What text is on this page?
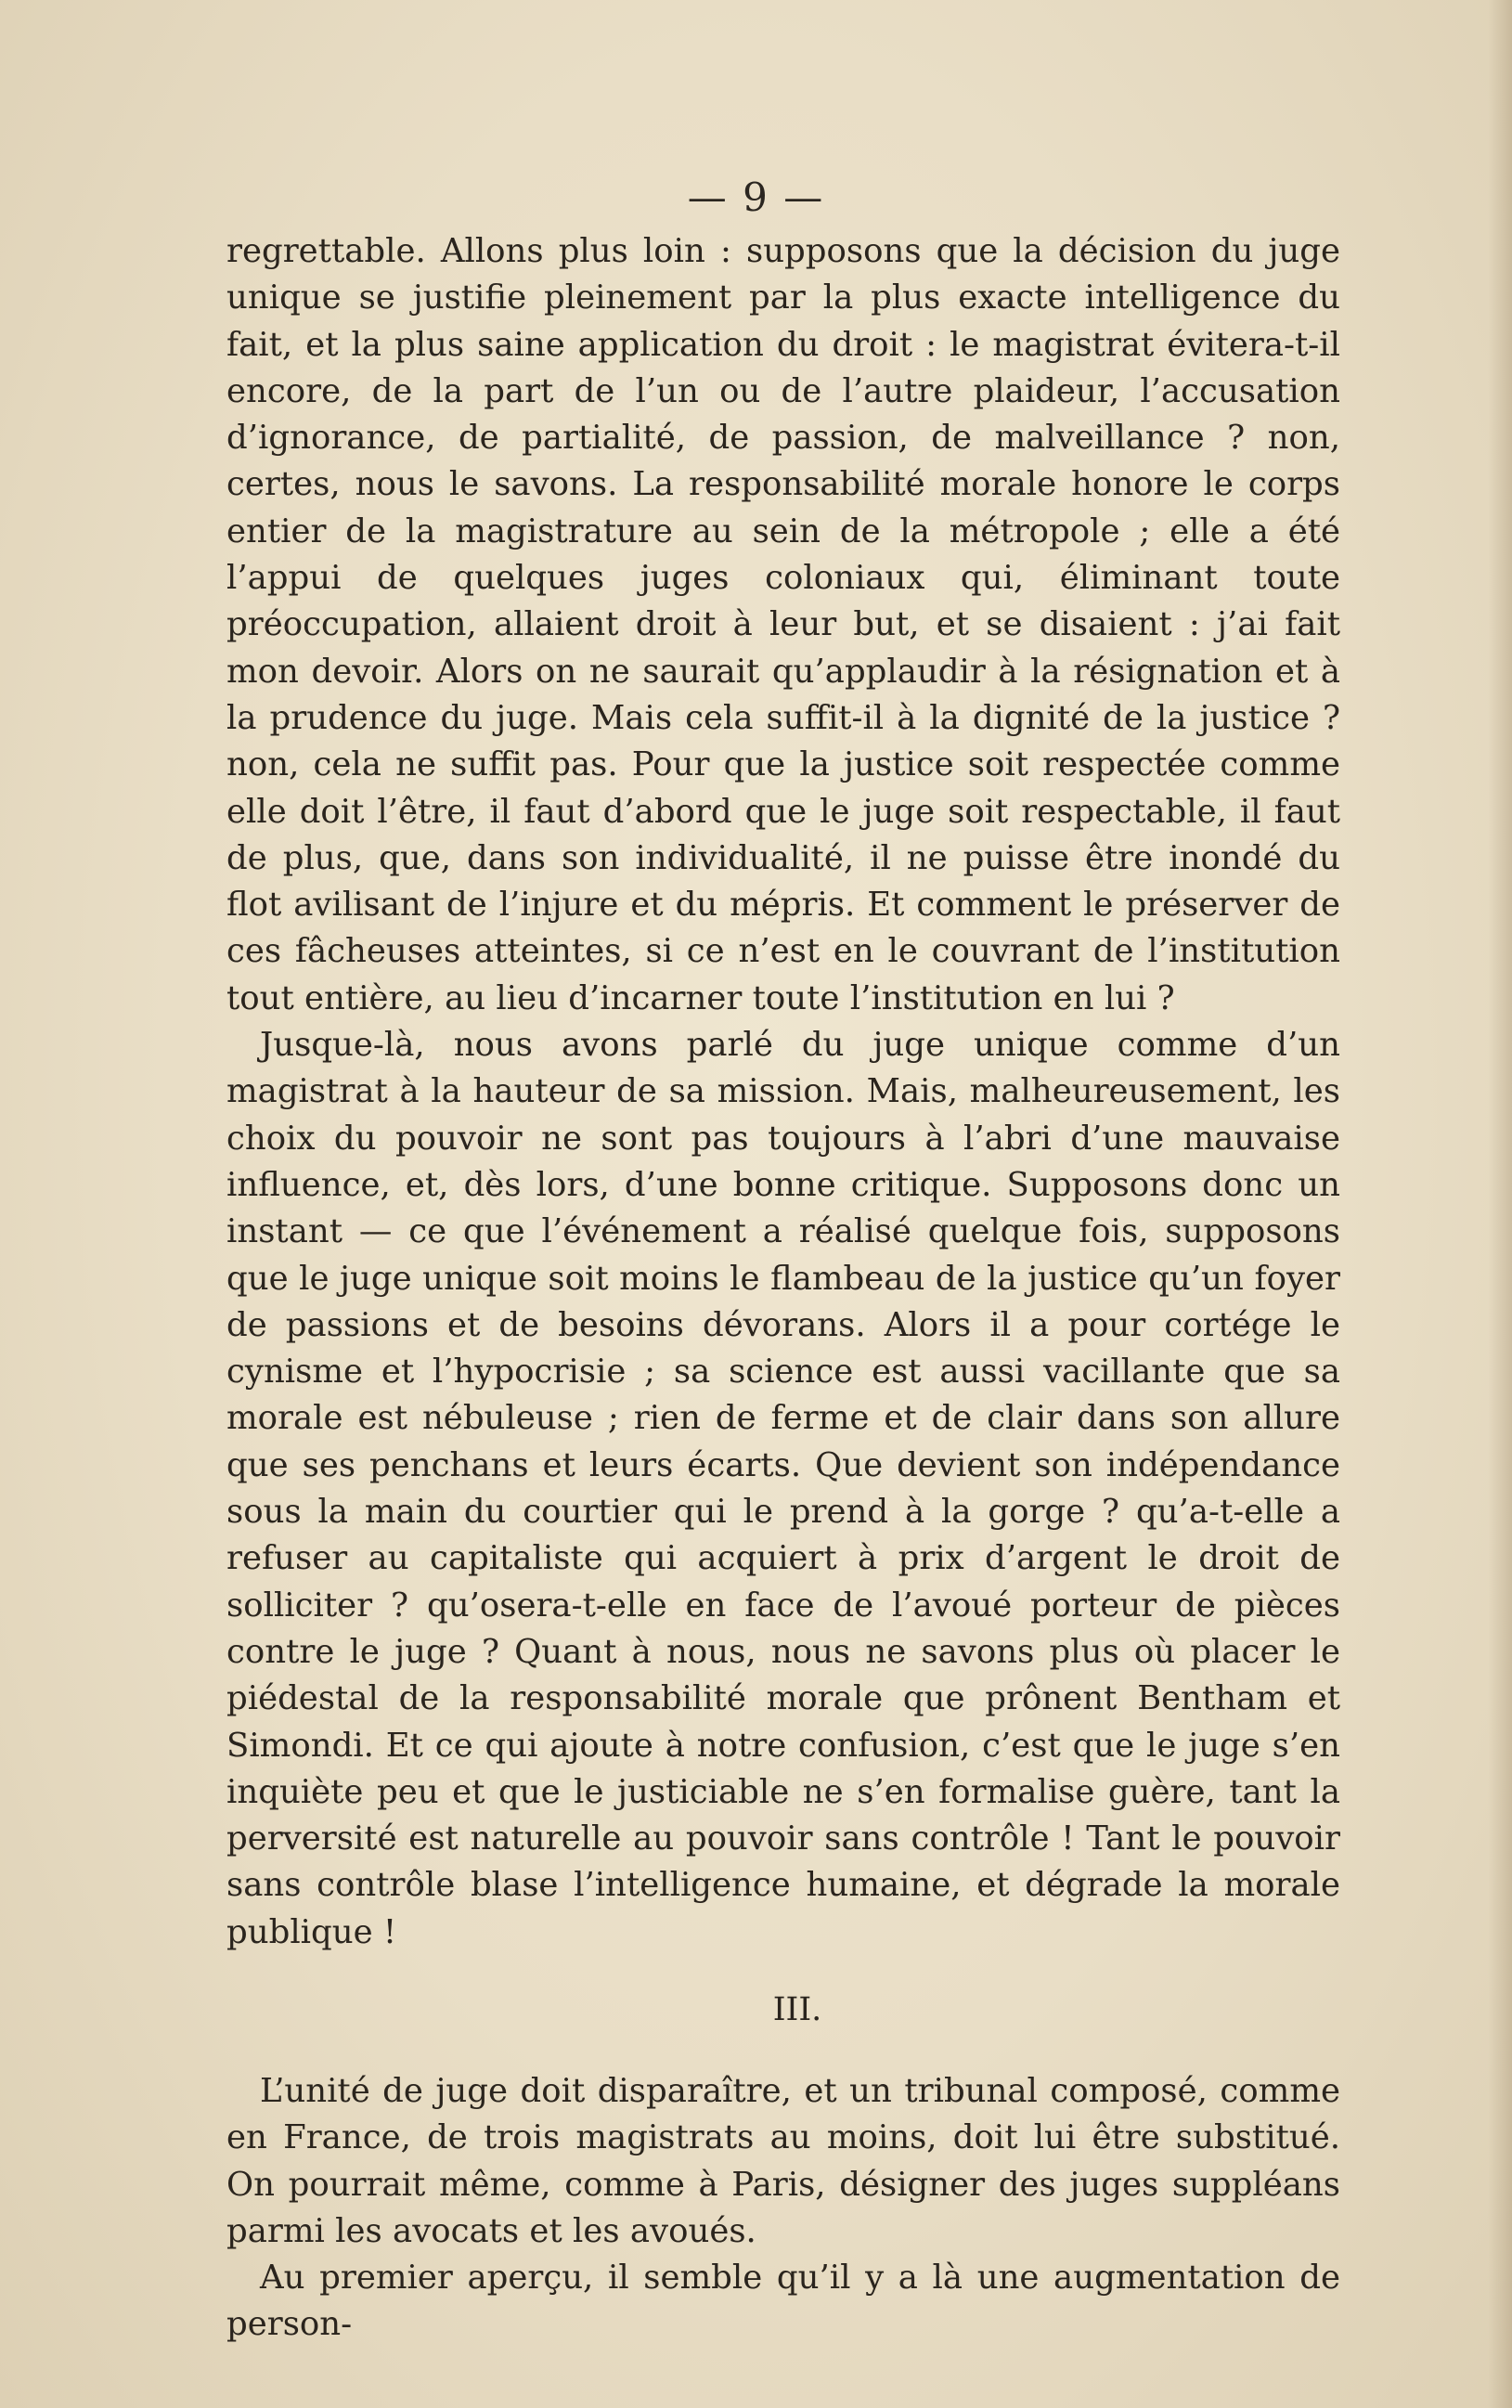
— 9 —

regrettable. Allons plus loin : supposons que la décision du juge unique se justifie pleinement par la plus exacte intelligence du fait, et la plus saine application du droit : le magistrat évitera-t-il encore, de la part de l’un ou de l’autre plaideur, l’accusation d’ignorance, de partialité, de passion, de malveillance ? non, certes, nous le savons. La responsabilité morale honore le corps entier de la magistrature au sein de la métropole ; elle a été l’appui de quelques juges coloniaux qui, éliminant toute préoccupation, allaient droit à leur but, et se disaient : j’ai fait mon devoir. Alors on ne saurait qu’applaudir à la résignation et à la prudence du juge. Mais cela suffit-il à la dignité de la justice ? non, cela ne suffit pas. Pour que la justice soit respectée comme elle doit l’être, il faut d’abord que le juge soit respectable, il faut de plus, que, dans son individualité, il ne puisse être inondé du flot avilisant de l’injure et du mépris. Et comment le préserver de ces fâcheuses atteintes, si ce n’est en le couvrant de l’institution tout entière, au lieu d’incarner toute l’institution en lui ?

Jusque-là, nous avons parlé du juge unique comme d’un magistrat à la hauteur de sa mission. Mais, malheureusement, les choix du pouvoir ne sont pas toujours à l’abri d’une mauvaise influence, et, dès lors, d’une bonne critique. Supposons donc un instant — ce que l’événement a réalisé quelque fois, supposons que le juge unique soit moins le flambeau de la justice qu’un foyer de passions et de besoins dévorans. Alors il a pour cortége le cynisme et l’hypocrisie ; sa science est aussi vacillante que sa morale est nébuleuse ; rien de ferme et de clair dans son allure que ses penchans et leurs écarts. Que devient son indépendance sous la main du courtier qui le prend à la gorge ? qu’a-t-elle a refuser au capitaliste qui acquiert à prix d’argent le droit de solliciter ? qu’osera-t-elle en face de l’avoué porteur de pièces contre le juge ? Quant à nous, nous ne savons plus où placer le piédestal de la responsabilité morale que prônent Bentham et Simondi. Et ce qui ajoute à notre confusion, c’est que le juge s’en inquiète peu et que le justiciable ne s’en formalise guère, tant la perversité est naturelle au pouvoir sans contrôle ! Tant le pouvoir sans contrôle blase l’intelligence humaine, et dégrade la morale publique !

III.

L’unité de juge doit disparaître, et un tribunal composé, comme en France, de trois magistrats au moins, doit lui être substitué. On pourrait même, comme à Paris, désigner des juges suppléans parmi les avocats et les avoués.

Au premier aperçu, il semble qu’il y a là une augmentation de person-
